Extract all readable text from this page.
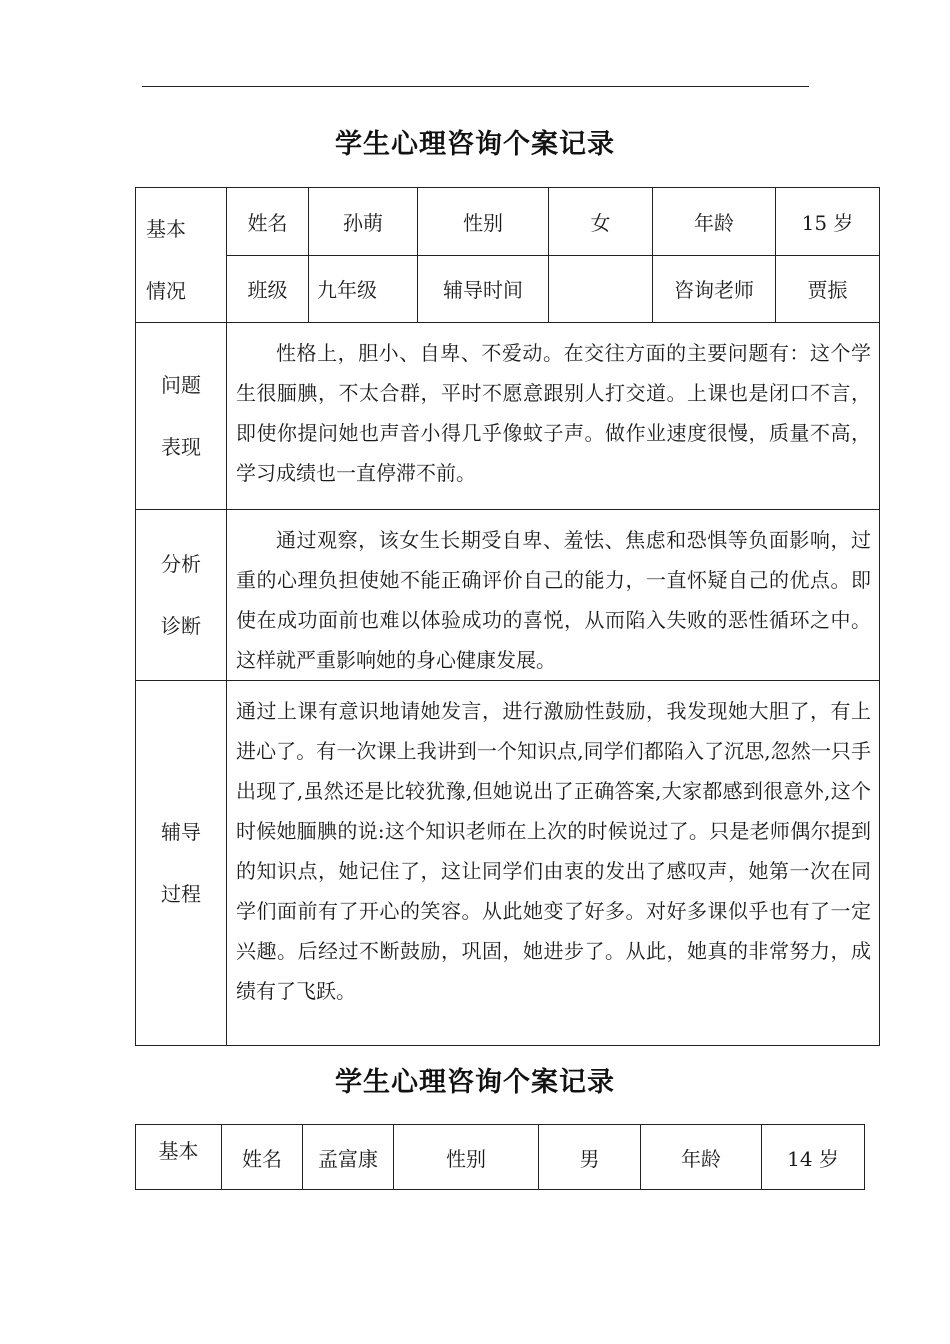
学生心理咨询个案记录
基本
情况	姓名	孙萌	性别	女	年龄	15 岁
	班级	九年级	辅导时间		咨询老师	贾振

问题
表现	性格上，胆小、自卑、不爱动。在交往方面的主要问题有：这个学生很腼腆，不太合群，平时不愿意跟别人打交道。上课也是闭口不言，即使你提问她也声音小得几乎像蚊子声。做作业速度很慢，质量不高，学习成绩也一直停滞不前。					

分析
诊断	通过观察，该女生长期受自卑、羞怯、焦虑和恐惧等负面影响，过重的心理负担使她不能正确评价自己的能力，一直怀疑自己的优点。即使在成功面前也难以体验成功的喜悦，从而陷入失败的恶性循环之中。这样就严重影响她的身心健康发展。					

辅导
过程	通过上课有意识地请她发言，进行激励性鼓励，我发现她大胆了，有上进心了。有一次课上我讲到一个知识点,同学们都陷入了沉思,忽然一只手出现了,虽然还是比较犹豫,但她说出了正确答案,大家都感到很意外,这个时候她腼腆的说:这个知识老师在上次的时候说过了。只是老师偶尔提到的知识点，她记住了，这让同学们由衷的发出了感叹声，她第一次在同学们面前有了开心的笑容。从此她变了好多。对好多课似乎也有了一定兴趣。后经过不断鼓励，巩固，她进步了。从此，她真的非常努力，成绩有了飞跃。					
学生心理咨询个案记录
基本	姓名	孟富康	性别	男	年龄	14 岁
